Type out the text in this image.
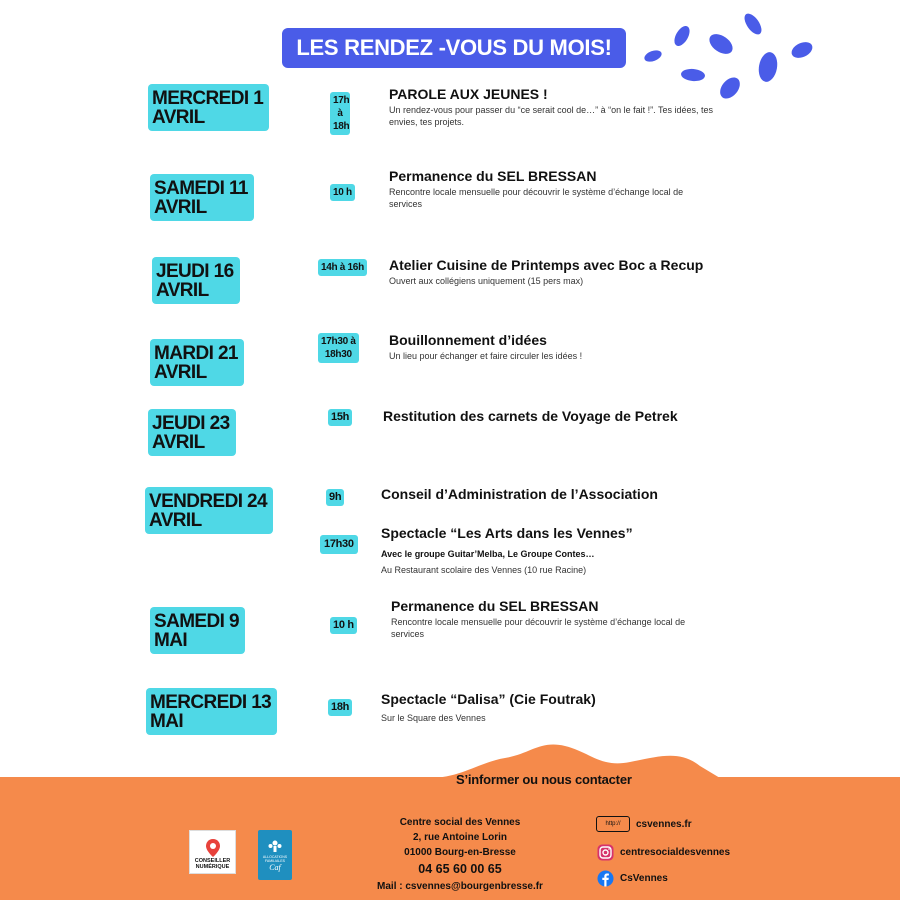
LES RENDEZ -VOUS DU MOIS!
MERCREDI 1
AVRIL
17h
à
18h
PAROLE AUX JEUNES !
Un rendez-vous pour passer du “ce serait cool de…” à “on le fait !”. Tes idées, tes envies, tes projets.
SAMEDI 11
AVRIL
10 h
Permanence du SEL BRESSAN
Rencontre locale mensuelle pour découvrir le système d’échange local de services
JEUDI 16
AVRIL
14h à 16h Atelier Cuisine de Printemps avec Boc a Recup
Ouvert aux collégiens uniquement (15 pers max)
MARDI 21
AVRIL
17h30 à
18h30
Bouillonnement d’idées
Un lieu pour échanger et faire circuler les idées !
JEUDI 23
AVRIL
15h Restitution des carnets de Voyage de Petrek
VENDREDI 24
AVRIL
9h	Conseil d’Administration de l’Association
17h30
Spectacle “Les Arts dans les Vennes”
Avec le groupe Guitar’Melba, Le Groupe Contes…
Au Restaurant scolaire des Vennes (10 rue Racine)
SAMEDI 9
MAI
10 h
Permanence du SEL BRESSAN
Rencontre locale mensuelle pour découvrir le système d’échange local de services
MERCREDI 13
MAI
18h Spectacle “Dalisa” (Cie Foutrak)
Sur le Square des Vennes
S’informer ou nous contacter
CONSEILLER
NUMÉRIQUE
ALLOCATIONS FAMILIALES
Caf
Centre social des Vennes
2, rue Antoine Lorin
01000 Bourg-en-Bresse
04 65 60 00 65
Mail : csvennes@bourgenbresse.fr
http://	csvennes.fr
centresocialdesvennes
CsVennes
